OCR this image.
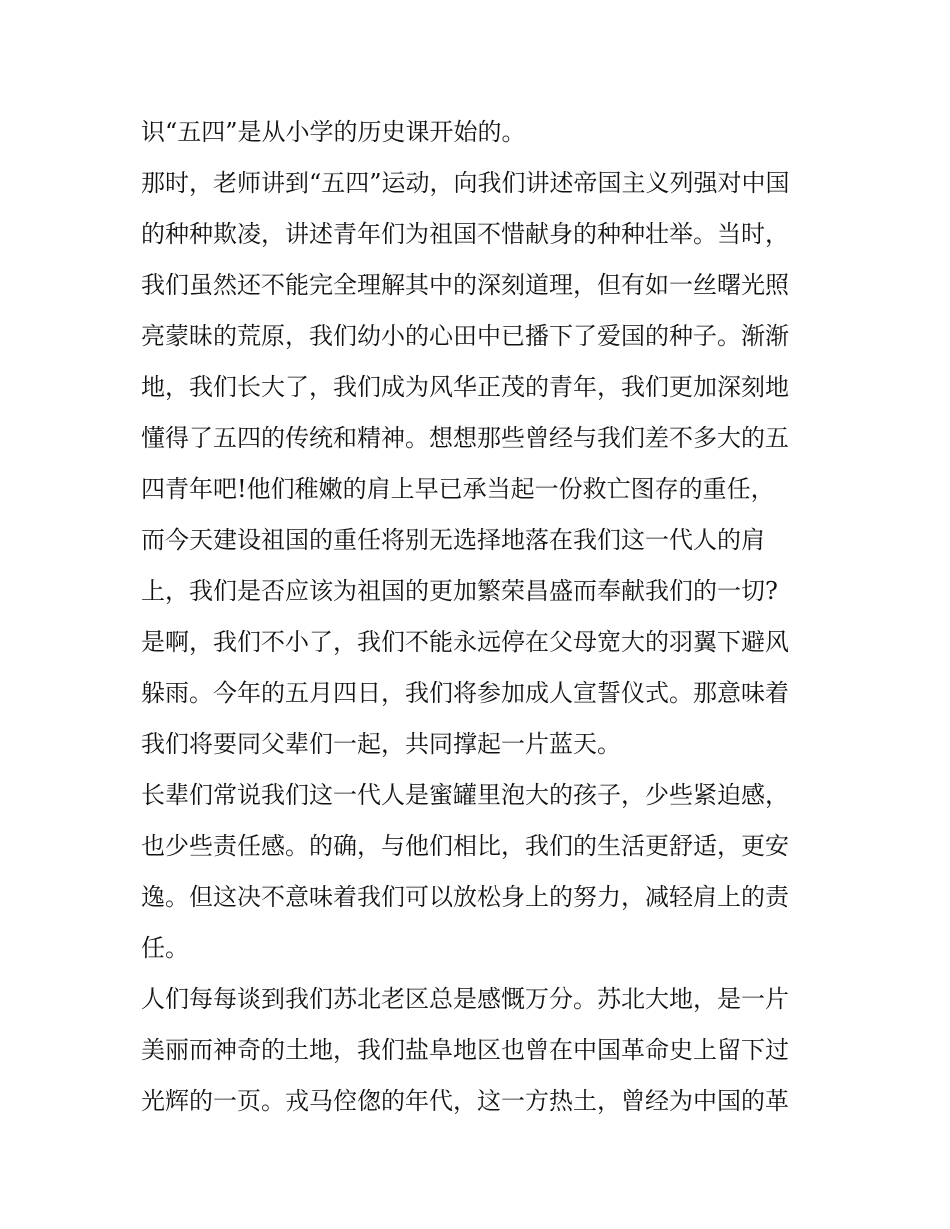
识“五四”是从小学的历史课开始的。
那时，老师讲到“五四”运动，向我们讲述帝国主义列强对中国
的种种欺凌，讲述青年们为祖国不惜献身的种种壮举。当时，
我们虽然还不能完全理解其中的深刻道理，但有如一丝曙光照
亮蒙昧的荒原，我们幼小的心田中已播下了爱国的种子。渐渐
地，我们长大了，我们成为风华正茂的青年，我们更加深刻地
懂得了五四的传统和精神。想想那些曾经与我们差不多大的五
四青年吧!他们稚嫩的肩上早已承当起一份救亡图存的重任，
而今天建设祖国的重任将别无选择地落在我们这一代人的肩
上，我们是否应该为祖国的更加繁荣昌盛而奉献我们的一切?
是啊，我们不小了，我们不能永远停在父母宽大的羽翼下避风
躲雨。今年的五月四日，我们将参加成人宣誓仪式。那意味着
我们将要同父辈们一起，共同撑起一片蓝天。
长辈们常说我们这一代人是蜜罐里泡大的孩子，少些紧迫感，
也少些责任感。的确，与他们相比，我们的生活更舒适，更安
逸。但这决不意味着我们可以放松身上的努力，减轻肩上的责
任。
人们每每谈到我们苏北老区总是感慨万分。苏北大地，是一片
美丽而神奇的土地，我们盐阜地区也曾在中国革命史上留下过
光辉的一页。戎马倥偬的年代，这一方热土，曾经为中国的革
